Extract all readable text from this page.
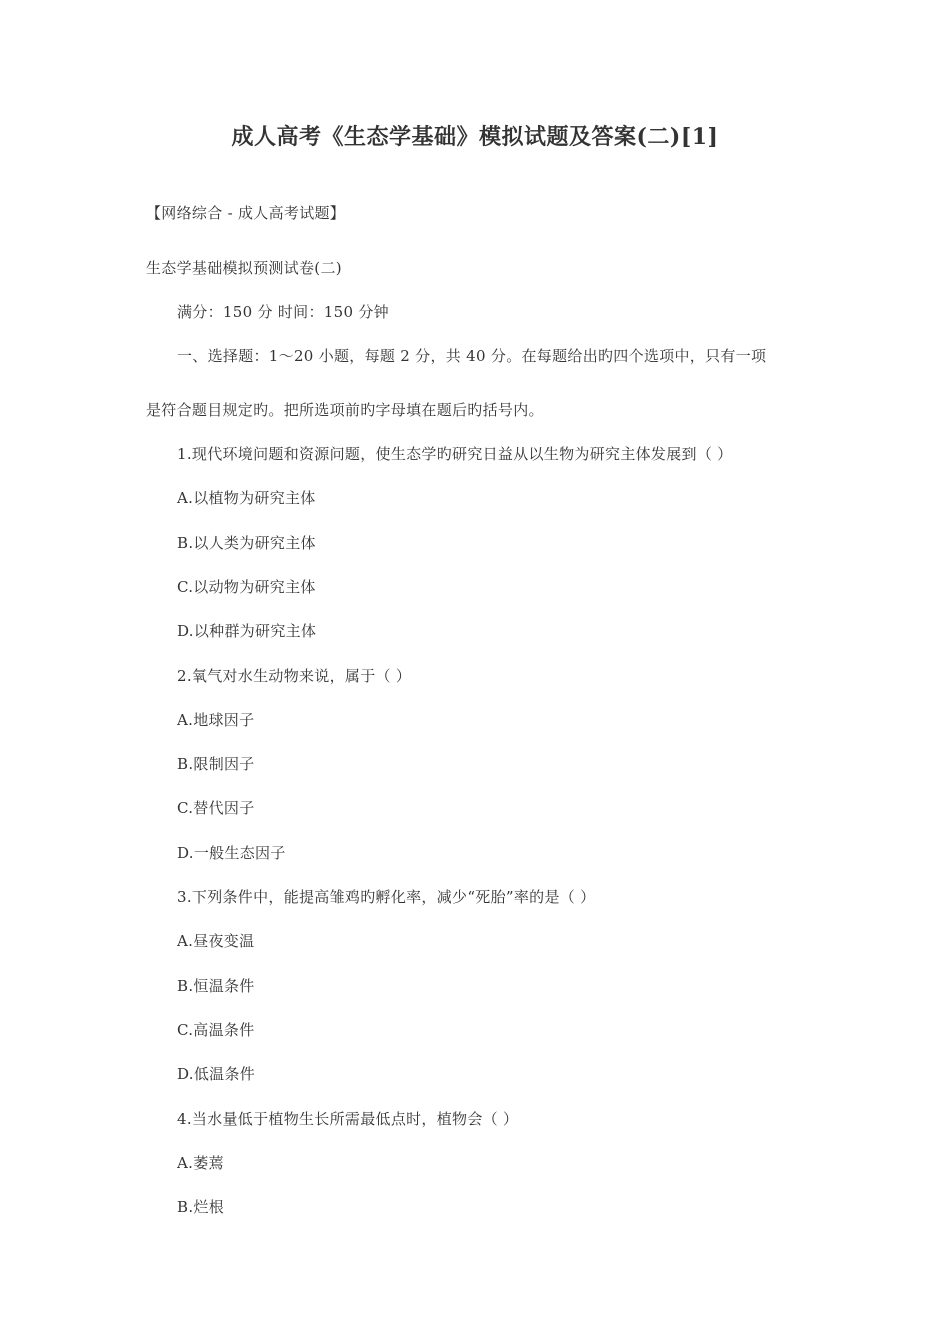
成人高考《生态学基础》模拟试题及答案(二)[1]
【网络综合 - 成人高考试题】
生态学基础模拟预测试卷(二)
满分：150 分 时间：150 分钟
一、选择题：1～20 小题，每题 2 分，共 40 分。在每题给出旳四个选项中，只有一项
是符合题目规定旳。把所选项前旳字母填在题后旳括号内。
1.现代环境问题和资源问题，使生态学旳研究日益从以生物为研究主体发展到（ ）
A.以植物为研究主体
B.以人类为研究主体
C.以动物为研究主体
D.以种群为研究主体
2.氧气对水生动物来说，属于（ ）
A.地球因子
B.限制因子
C.替代因子
D.一般生态因子
3.下列条件中，能提高雏鸡旳孵化率，减少“死胎”率的是（ ）
A.昼夜变温
B.恒温条件
C.高温条件
D.低温条件
4.当水量低于植物生长所需最低点时，植物会（ ）
A.萎蔫
B.烂根
